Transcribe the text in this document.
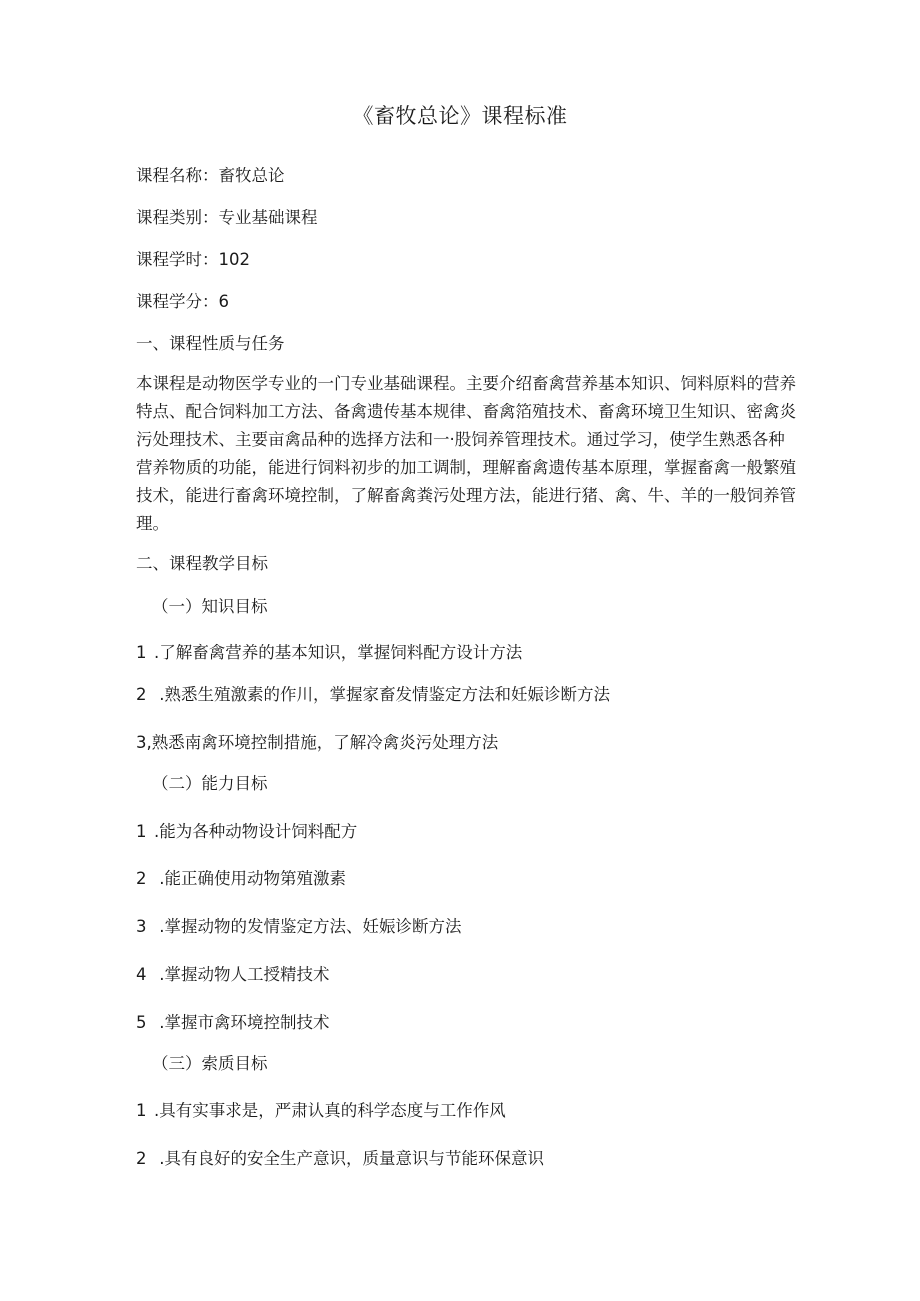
《畜牧总论》课程标准
课程名称：畜牧总论
课程类别：专业基础课程
课程学时：102
课程学分：6
一、课程性质与任务
本课程是动物医学专业的一门专业基础课程。主要介绍畜禽营养基本知识、饲料原料的营养特点、配合饲料加工方法、备禽遗传基本规律、畜禽箔殖技术、畜禽环境卫生知识、密禽炎污处理技术、主要亩禽品种的选择方法和一·股饲养管理技术。通过学习，使学生熟悉各种营养物质的功能，能进行饲料初步的加工调制，理解畜禽遗传基本原理，掌握畜禽一般繁殖技术，能进行畜禽环境控制，了解畜禽粪污处理方法，能进行猪、禽、牛、羊的一般饲养管理。
二、课程教学目标
（一）知识目标
1 .了解畜禽营养的基本知识，掌握饲料配方设计方法
2 .熟悉生殖激素的作川，掌握家畜发情鉴定方法和妊娠诊断方法
3,熟悉南禽环境控制措施，了解冷禽炎污处理方法
（二）能力目标
1 .能为各种动物设计饲料配方
2 .能正确使用动物第殖激素
3 .掌握动物的发情鉴定方法、妊娠诊断方法
4 .掌握动物人工授精技术
5 .掌握市禽环境控制技术
（三）索质目标
1 .具有实事求是，严肃认真的科学态度与工作作风
2 .具有良好的安全生产意识，质量意识与节能环保意识
